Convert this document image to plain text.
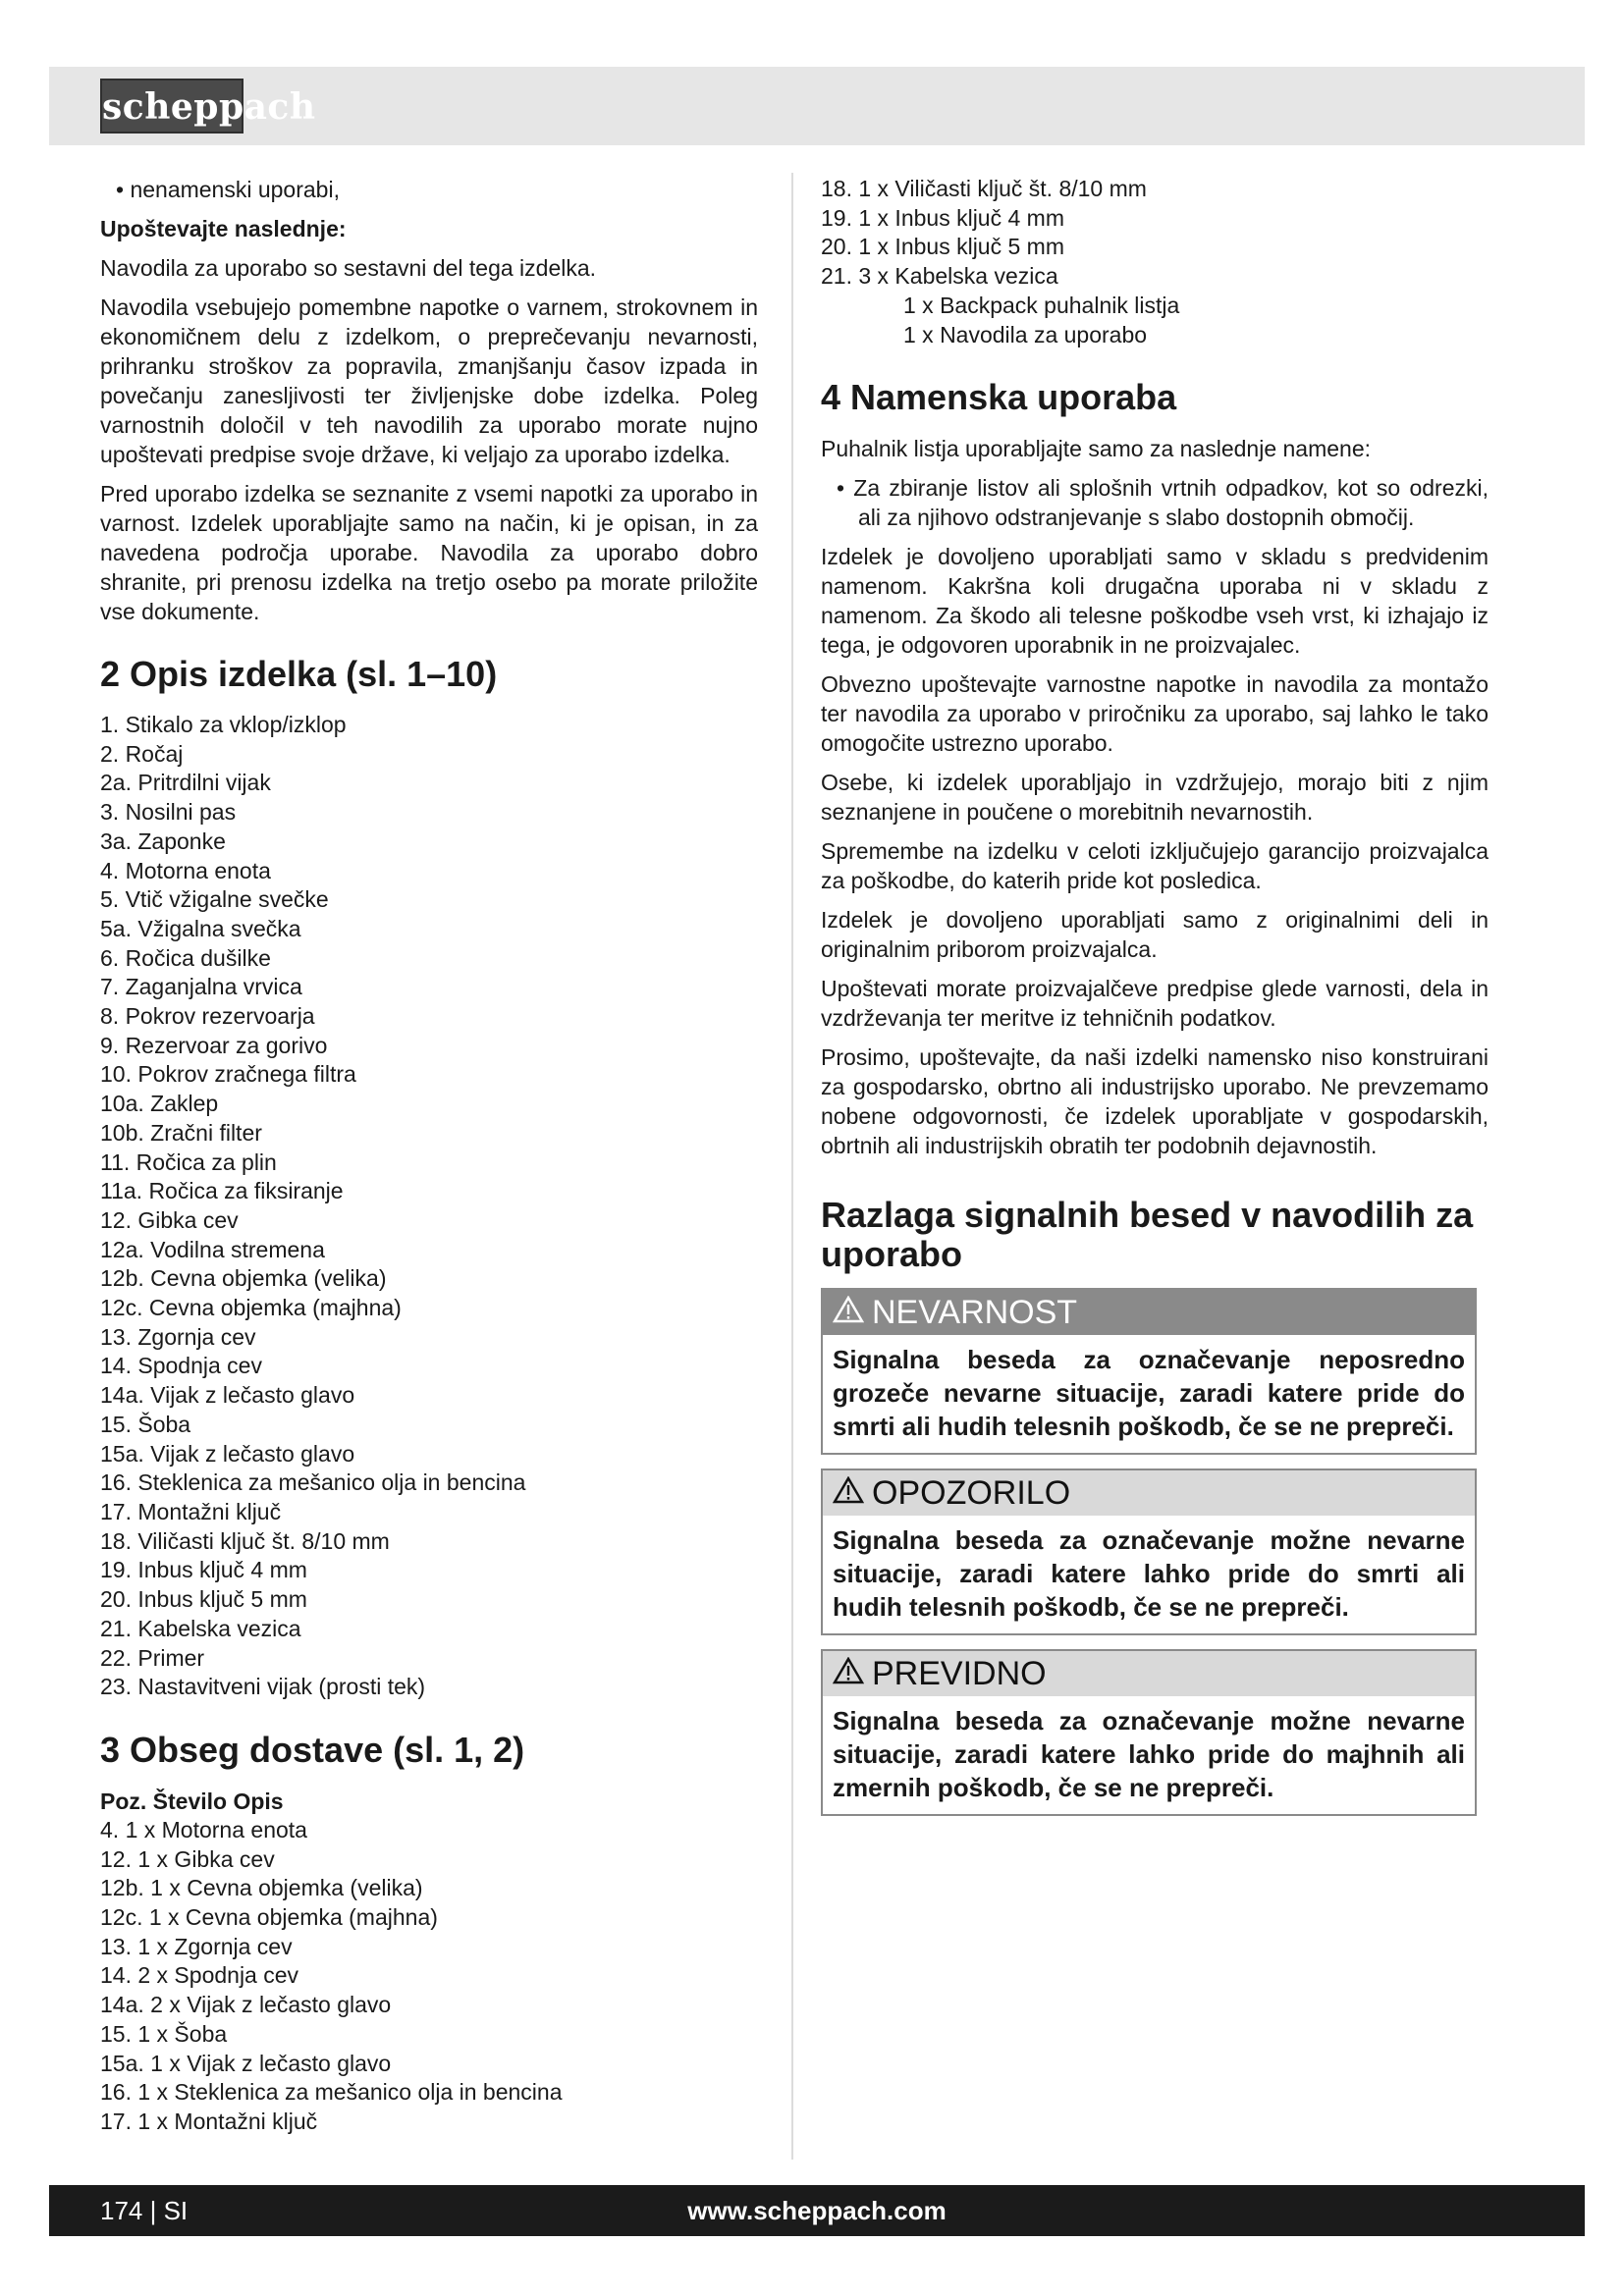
scheppach

• nenamenski uporabi,

Upoštevajte naslednje:

Navodila za uporabo so sestavni del tega izdelka.

Navodila vsebujejo pomembne napotke o varnem, strokovnem in ekonomičnem delu z izdelkom, o preprečevanju nevarnosti, prihranku stroškov za popravila, zmanjšanju časov izpada in povečanju zanesljivosti ter življenjske dobe izdelka. Poleg varnostnih določil v teh navodilih za uporabo morate nujno upoštevati predpise svoje države, ki veljajo za uporabo izdelka.

Pred uporabo izdelka se seznanite z vsemi napotki za uporabo in varnost. Izdelek uporabljajte samo na način, ki je opisan, in za navedena področja uporabe. Navodila za uporabo dobro shranite, pri prenosu izdelka na tretjo osebo pa morate priložite vse dokumente.

2 Opis izdelka (sl. 1–10)
1. Stikalo za vklop/izklop
2. Ročaj
2a. Pritrdilni vijak
3. Nosilni pas
3a. Zaponke
4. Motorna enota
5. Vtič vžigalne svečke
5a. Vžigalna svečka
6. Ročica dušilke
7. Zaganjalna vrvica
8. Pokrov rezervoarja
9. Rezervoar za gorivo
10. Pokrov zračnega filtra
10a. Zaklep
10b. Zračni filter
11. Ročica za plin
11a. Ročica za fiksiranje
12. Gibka cev
12a. Vodilna stremena
12b. Cevna objemka (velika)
12c. Cevna objemka (majhna)
13. Zgornja cev
14. Spodnja cev
14a. Vijak z lečasto glavo
15. Šoba
15a. Vijak z lečasto glavo
16. Steklenica za mešanico olja in bencina
17. Montažni ključ
18. Viličasti ključ št. 8/10 mm
19. Inbus ključ 4 mm
20. Inbus ključ 5 mm
21. Kabelska vezica
22. Primer
23. Nastavitveni vijak (prosti tek)
3 Obseg dostave (sl. 1, 2)

Poz. Število Opis

4. 1 x Motorna enota
12. 1 x Gibka cev
12b. 1 x Cevna objemka (velika)
12c. 1 x Cevna objemka (majhna)
13. 1 x Zgornja cev
14. 2 x Spodnja cev
14a. 2 x Vijak z lečasto glavo
15. 1 x Šoba
15a. 1 x Vijak z lečasto glavo
16. 1 x Steklenica za mešanico olja in bencina
17. 1 x Montažni ključ
18. 1 x Viličasti ključ št. 8/10 mm
19. 1 x Inbus ključ 4 mm
20. 1 x Inbus ključ 5 mm
21. 3 x Kabelska vezica
1 x Backpack puhalnik listja
1 x Navodila za uporabo
4 Namenska uporaba

Puhalnik listja uporabljajte samo za naslednje namene:

• Za zbiranje listov ali splošnih vrtnih odpadkov, kot so odrezki, ali za njihovo odstranjevanje s slabo dostopnih območij.

Izdelek je dovoljeno uporabljati samo v skladu s predvidenim namenom. Kakršna koli drugačna uporaba ni v skladu z namenom. Za škodo ali telesne poškodbe vseh vrst, ki izhajajo iz tega, je odgovoren uporabnik in ne proizvajalec.

Obvezno upoštevajte varnostne napotke in navodila za montažo ter navodila za uporabo v priročniku za uporabo, saj lahko le tako omogočite ustrezno uporabo.

Osebe, ki izdelek uporabljajo in vzdržujejo, morajo biti z njim seznanjene in poučene o morebitnih nevarnostih.

Spremembe na izdelku v celoti izključujejo garancijo proizvajalca za poškodbe, do katerih pride kot posledica.

Izdelek je dovoljeno uporabljati samo z originalnimi deli in originalnim priborom proizvajalca.

Upoštevati morate proizvajalčeve predpise glede varnosti, dela in vzdrževanja ter meritve iz tehničnih podatkov.

Prosimo, upoštevajte, da naši izdelki namensko niso konstruirani za gospodarsko, obrtno ali industrijsko uporabo. Ne prevzemamo nobene odgovornosti, če izdelek uporabljate v gospodarskih, obrtnih ali industrijskih obratih ter podobnih dejavnostih.

Razlaga signalnih besed v navodilih za uporabo
NEVARNOST
Signalna beseda za označevanje neposredno grozeče nevarne situacije, zaradi katere pride do smrti ali hudih telesnih poškodb, če se ne prepreči.
OPOZORILO
Signalna beseda za označevanje možne nevarne situacije, zaradi katere lahko pride do smrti ali hudih telesnih poškodb, če se ne prepreči.
PREVIDNO
Signalna beseda za označevanje možne nevarne situacije, zaradi katere lahko pride do majhnih ali zmernih poškodb, če se ne prepreči.
174 | SI	www.scheppach.com
